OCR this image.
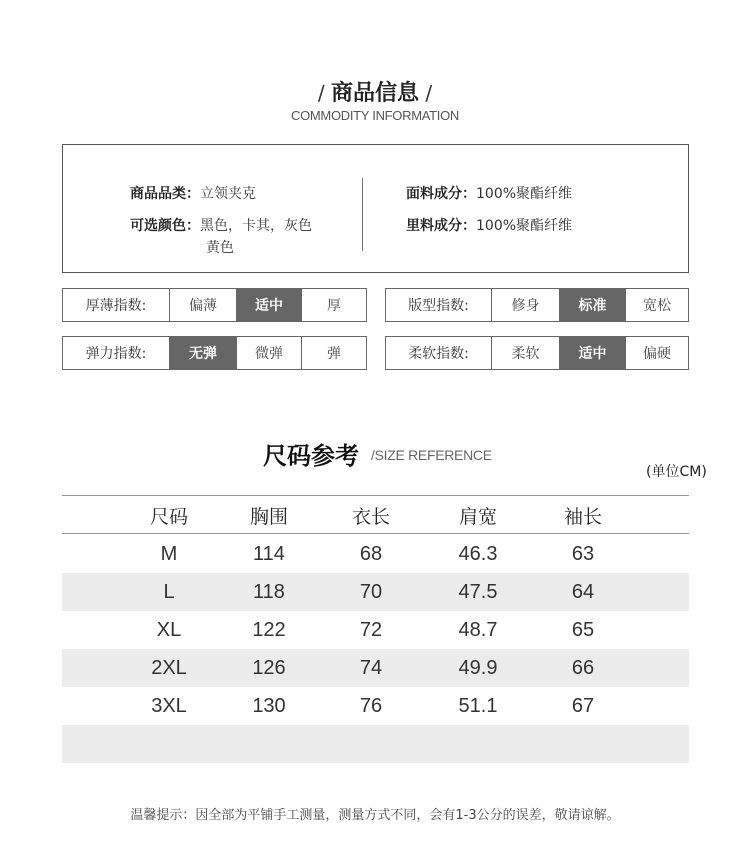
/ 商品信息 /
COMMODITY INFORMATION
商品品类：立领夹克
可选颜色：黑色，卡其，灰色
黄色
面料成分：100%聚酯纤维
里料成分：100%聚酯纤维
厚薄指数:	偏薄	适中	厚	版型指数:	修身	标准	宽松
弹力指数:	无弹	微弹	弹	柔软指数:	柔软	适中	偏硬
尺码参考 /SIZE REFERENCE
(单位CM)
尺码	胸围	衣长	肩宽	袖长
M	114	68	46.3	63
L	118	70	47.5	64
XL	122	72	48.7	65
2XL	126	74	49.9	66
3XL	130	76	51.1	67
温馨提示：因全部为平铺手工测量，测量方式不同，会有1-3公分的误差，敬请谅解。
